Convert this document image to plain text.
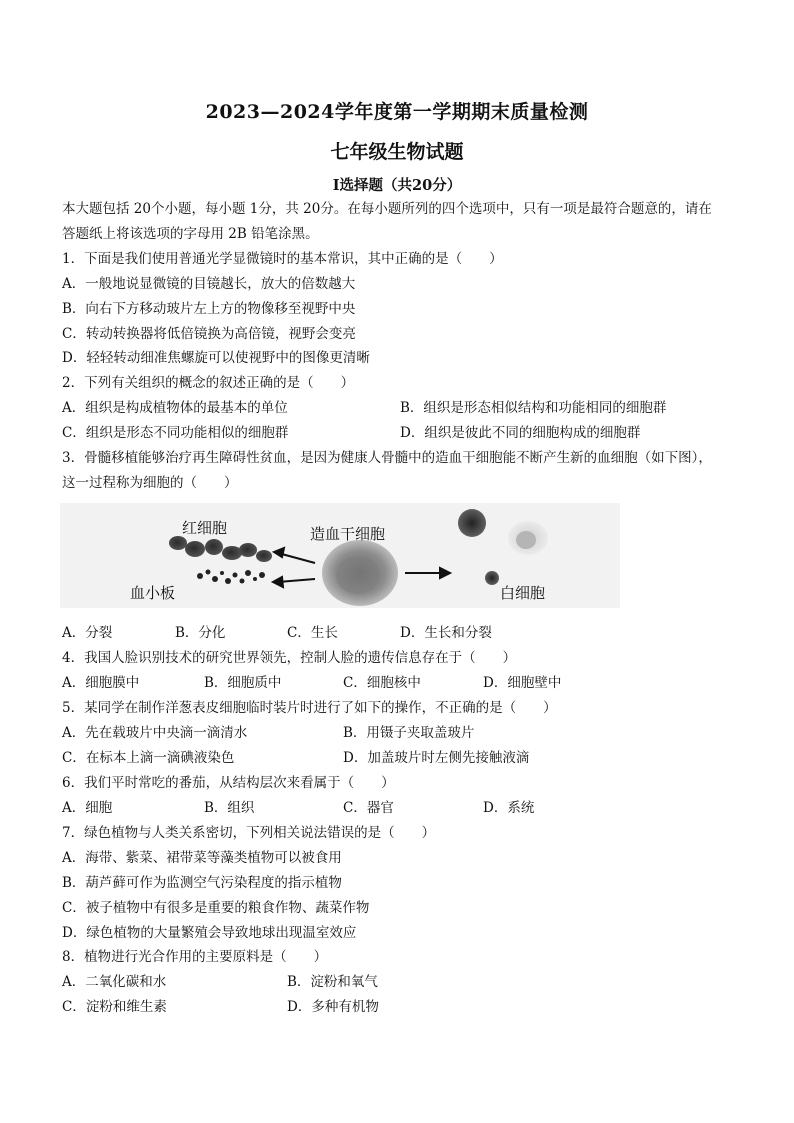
2023—2024学年度第一学期期末质量检测
七年级生物试题
Ⅰ选择题（共20分）
本大题包括 20个小题，每小题 1分，共 20分。在每小题所列的四个选项中，只有一项是最符合题意的，请在
答题纸上将该选项的字母用 2B 铅笔涂黑。
1．下面是我们使用普通光学显微镜时的基本常识，其中正确的是（　　）
A．一般地说显微镜的目镜越长，放大的倍数越大
B．向右下方移动玻片左上方的物像移至视野中央
C．转动转换器将低倍镜换为高倍镜，视野会变亮
D．轻轻转动细准焦螺旋可以使视野中的图像更清晰
2．下列有关组织的概念的叙述正确的是（　　）
A．组织是构成植物体的最基本的单位	B．组织是形态相似结构和功能相同的细胞群
C．组织是形态不同功能相似的细胞群	D．组织是彼此不同的细胞构成的细胞群
3．骨髓移植能够治疗再生障碍性贫血，是因为健康人骨髓中的造血干细胞能不断产生新的血细胞（如下图），
这一过程称为细胞的（　　）
红细胞	造血干细胞
血小板	白细胞
A．分裂	B．分化	C．生长	D．生长和分裂
4．我国人脸识别技术的研究世界领先，控制人脸的遗传信息存在于（　　）
A．细胞膜中	B．细胞质中	C．细胞核中	D．细胞壁中
5．某同学在制作洋葱表皮细胞临时装片时进行了如下的操作，不正确的是（　　）
A．先在载玻片中央滴一滴清水	B．用镊子夹取盖玻片
C．在标本上滴一滴碘液染色	D．加盖玻片时左侧先接触液滴
6．我们平时常吃的番茄，从结构层次来看属于（　　）
A．细胞	B．组织	C．器官	D．系统
7．绿色植物与人类关系密切，下列相关说法错误的是（　　）
A．海带、紫菜、裙带菜等藻类植物可以被食用
B．葫芦藓可作为监测空气污染程度的指示植物
C．被子植物中有很多是重要的粮食作物、蔬菜作物
D．绿色植物的大量繁殖会导致地球出现温室效应
8．植物进行光合作用的主要原料是（　　）
A．二氧化碳和水	B．淀粉和氧气
C．淀粉和维生素	D．多种有机物
